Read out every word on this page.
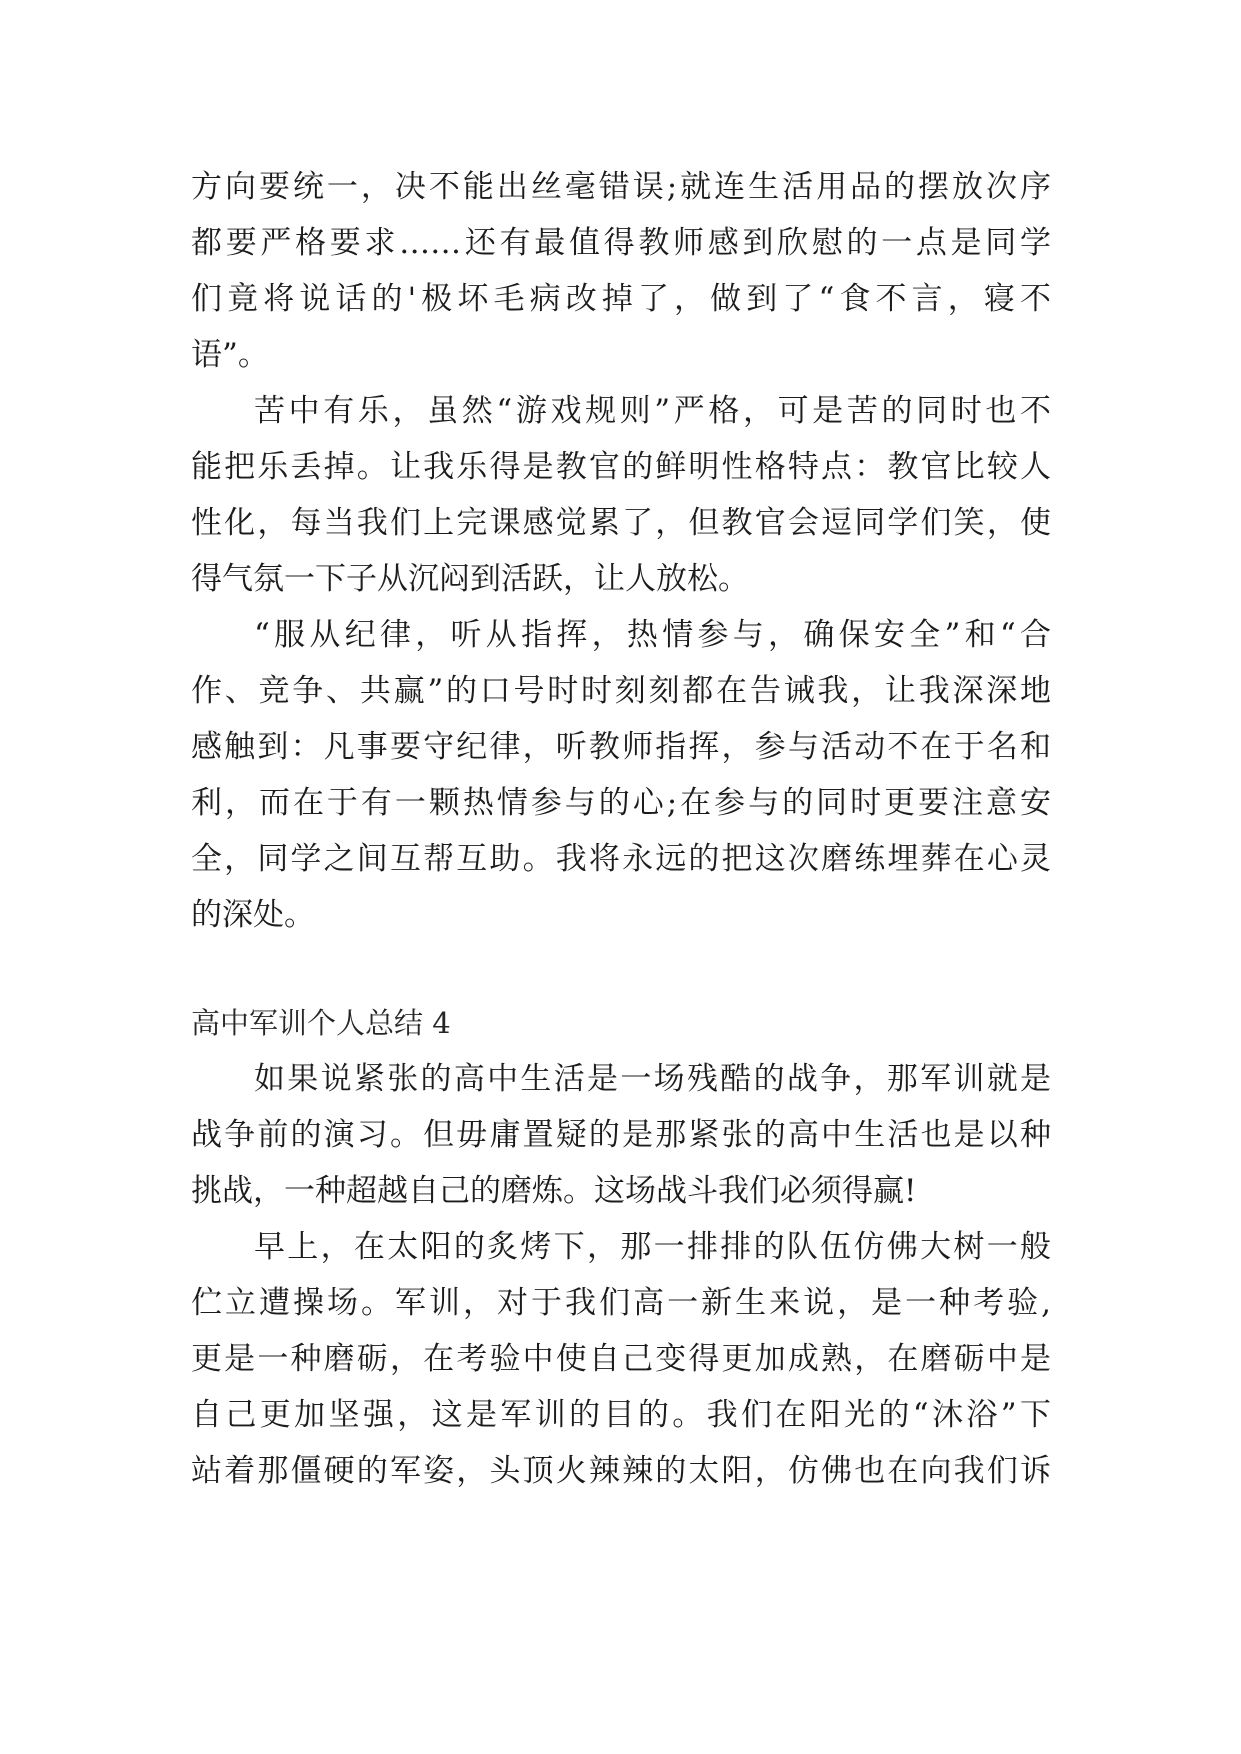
方向要统一，决不能出丝毫错误;就连生活用品的摆放次序
都要严格要求……还有最值得教师感到欣慰的一点是同学
们竟将说话的'极坏毛病改掉了，做到了“食不言，寝不
语”。
苦中有乐，虽然“游戏规则”严格，可是苦的同时也不
能把乐丢掉。让我乐得是教官的鲜明性格特点：教官比较人
性化，每当我们上完课感觉累了，但教官会逗同学们笑，使
得气氛一下子从沉闷到活跃，让人放松。
“服从纪律，听从指挥，热情参与，确保安全”和“合
作、竞争、共赢”的口号时时刻刻都在告诫我，让我深深地
感触到：凡事要守纪律，听教师指挥，参与活动不在于名和
利，而在于有一颗热情参与的心;在参与的同时更要注意安
全，同学之间互帮互助。我将永远的把这次磨练埋葬在心灵
的深处。
高中军训个人总结 4
如果说紧张的高中生活是一场残酷的战争，那军训就是
战争前的演习。但毋庸置疑的是那紧张的高中生活也是以种
挑战，一种超越自己的磨炼。这场战斗我们必须得赢!
早上，在太阳的炙烤下，那一排排的队伍仿佛大树一般
伫立遭操场。军训，对于我们高一新生来说，是一种考验,
更是一种磨砺，在考验中使自己变得更加成熟，在磨砺中是
自己更加坚强，这是军训的目的。我们在阳光的“沐浴”下
站着那僵硬的军姿，头顶火辣辣的太阳，仿佛也在向我们诉
